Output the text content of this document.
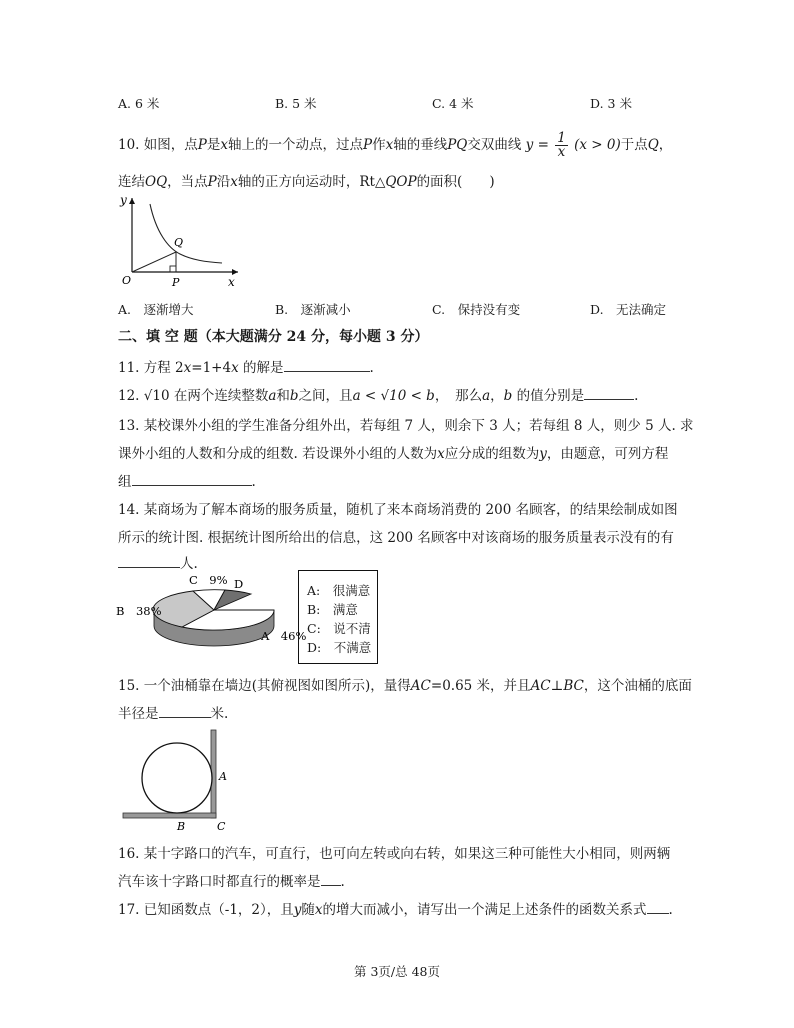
A. 6 米	B. 5 米	C. 4 米	D. 3 米
10. 如图，点P是x轴上的一个动点，过点P作x轴的垂线PQ交双曲线 $y = \frac{1}{x} (x > 0)$于点Q，
连结OQ，当点P沿x轴的正方向运动时，Rt△QOP的面积(　　)
y
Q
O	P	x
A.　逐渐增大	B.　逐渐减小	C.　保持没有变	D.　无法确定
二、填 空 题（本大题满分 24 分，每小题 3 分）
11. 方程 2x=1+4x 的解是	.
12. √10 在两个连续整数a和b之间，且a < √10 < b，　那么a，b 的值分别是	.
13. 某校课外小组的学生准备分组外出，若每组 7 人，则余下 3 人；若每组 8 人，则少 5 人. 求
课外小组的人数和分成的组数. 若设课外小组的人数为x应分成的组数为y，由题意，可列方程
组	.
14. 某商场为了解本商场的服务质量，随机了来本商场消费的 200 名顾客，的结果绘制成如图
所示的统计图. 根据统计图所给出的信息，这 200 名顾客中对该商场的服务质量表示没有的有
人.
C　9% D
B　38%
A　46%
A:　很满意
B:　满意
C:　说不清
D:　不满意
15. 一个油桶靠在墙边(其俯视图如图所示)，量得AC=0.65 米，并且AC⊥BC，这个油桶的底面
半径是	米.
A
B	C
16. 某十字路口的汽车，可直行，也可向左转或向右转，如果这三种可能性大小相同，则两辆
汽车该十字路口时都直行的概率是 .
17. 已知函数点（-1，2），且y随x的增大而减小，请写出一个满足上述条件的函数关系式 .
第 3页/总 48页
